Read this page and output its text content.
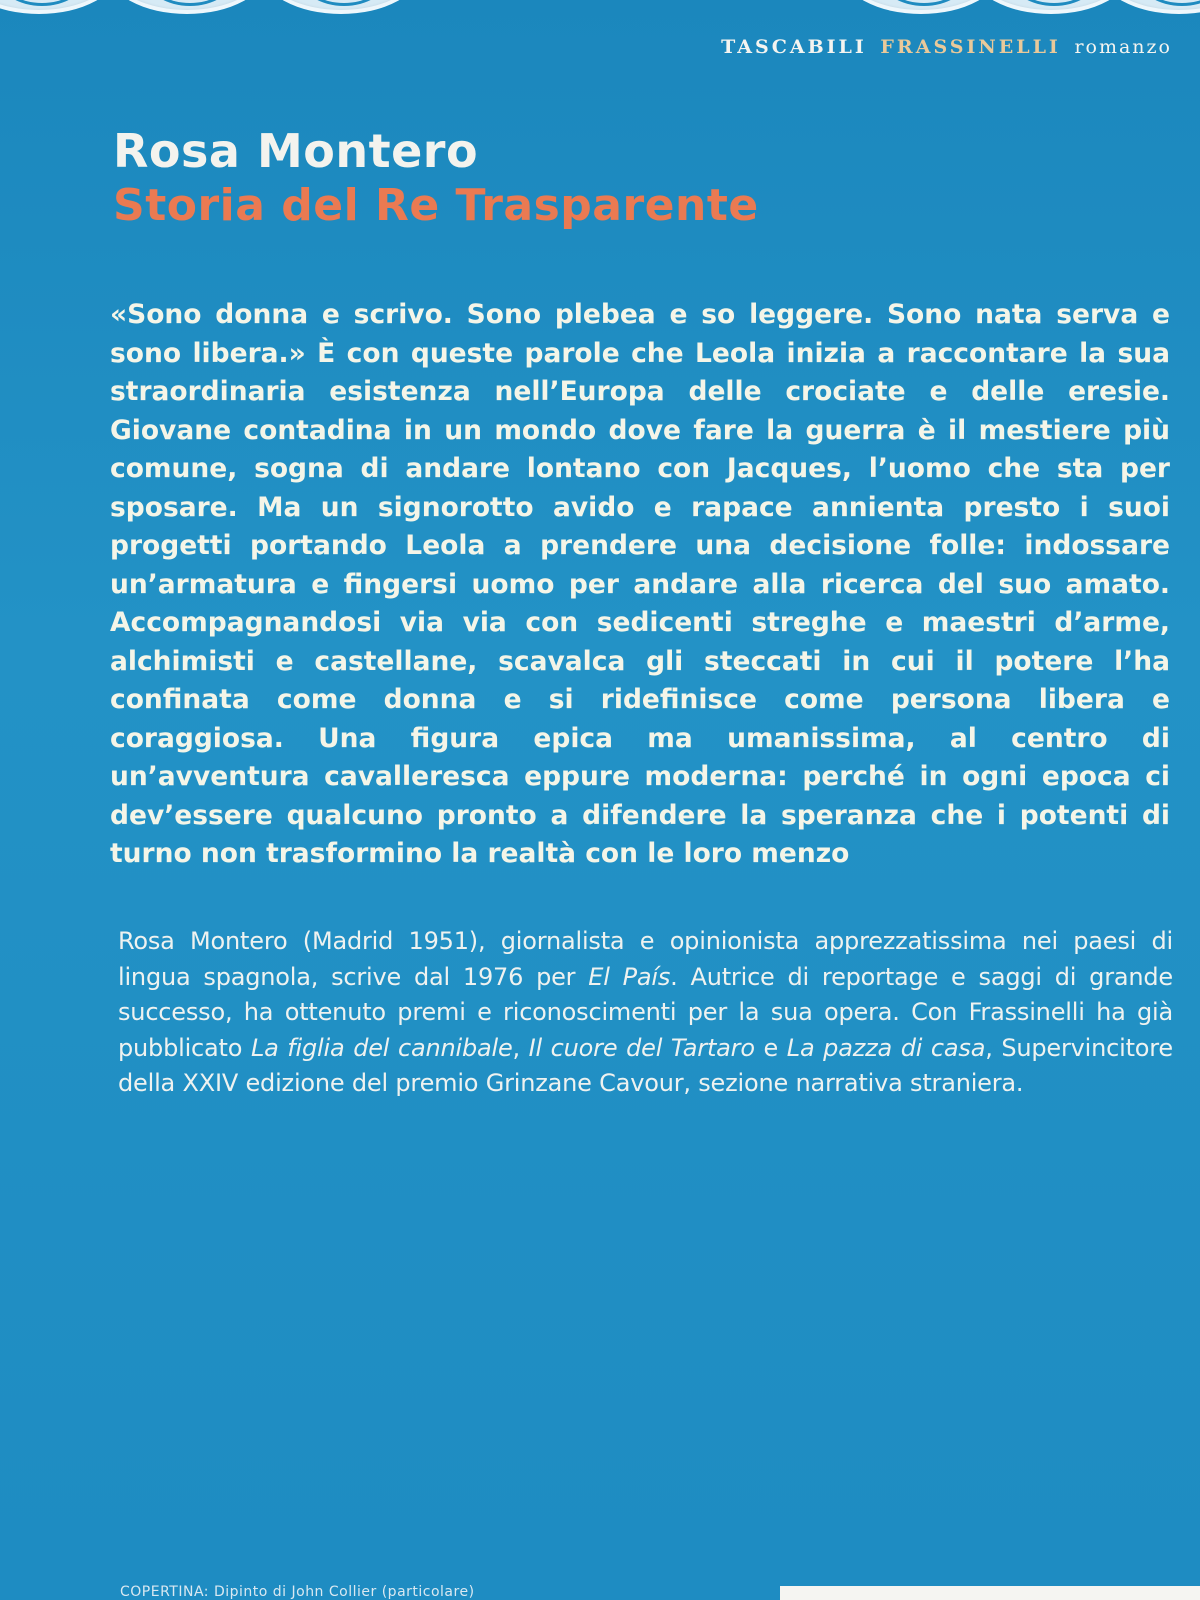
TASCABILI FRASSINELLI romanzo
Rosa Montero
Storia del Re Trasparente

«Sono donna e scrivo. Sono plebea e so leggere. Sono nata serva e sono libera.» È con queste parole che Leola inizia a raccontare la sua straordinaria esistenza nell’Europa delle crociate e delle eresie. Giovane contadina in un mondo dove fare la guerra è il mestiere più comune, sogna di andare lontano con Jacques, l’uomo che sta per sposare. Ma un signorotto avido e rapace annienta presto i suoi progetti portando Leola a prendere una decisione folle: indossare un’armatura e fingersi uomo per andare alla ricerca del suo amato. Accompagnandosi via via con sedicenti streghe e maestri d’arme, alchimisti e castellane, scavalca gli steccati in cui il potere l’ha confinata come donna e si ridefinisce come persona libera e coraggiosa. Una figura epica ma umanissima, al centro di un’avventura cavalleresca eppure moderna: perché in ogni epoca ci dev’essere qualcuno pronto a difendere la speranza che i potenti di turno non trasformino la realtà con le loro menzo

Rosa Montero (Madrid 1951), giornalista e opinionista apprezzatissima nei paesi di lingua spagnola, scrive dal 1976 per El País. Autrice di reportage e saggi di grande successo, ha ottenuto premi e riconoscimenti per la sua opera. Con Frassinelli ha già pubblicato La figlia del cannibale, Il cuore del Tartaro e La pazza di casa, Supervincitore della XXIV edizione del premio Grinzane Cavour, sezione narrativa straniera.

COPERTINA: Dipinto di John Collier (particolare)
